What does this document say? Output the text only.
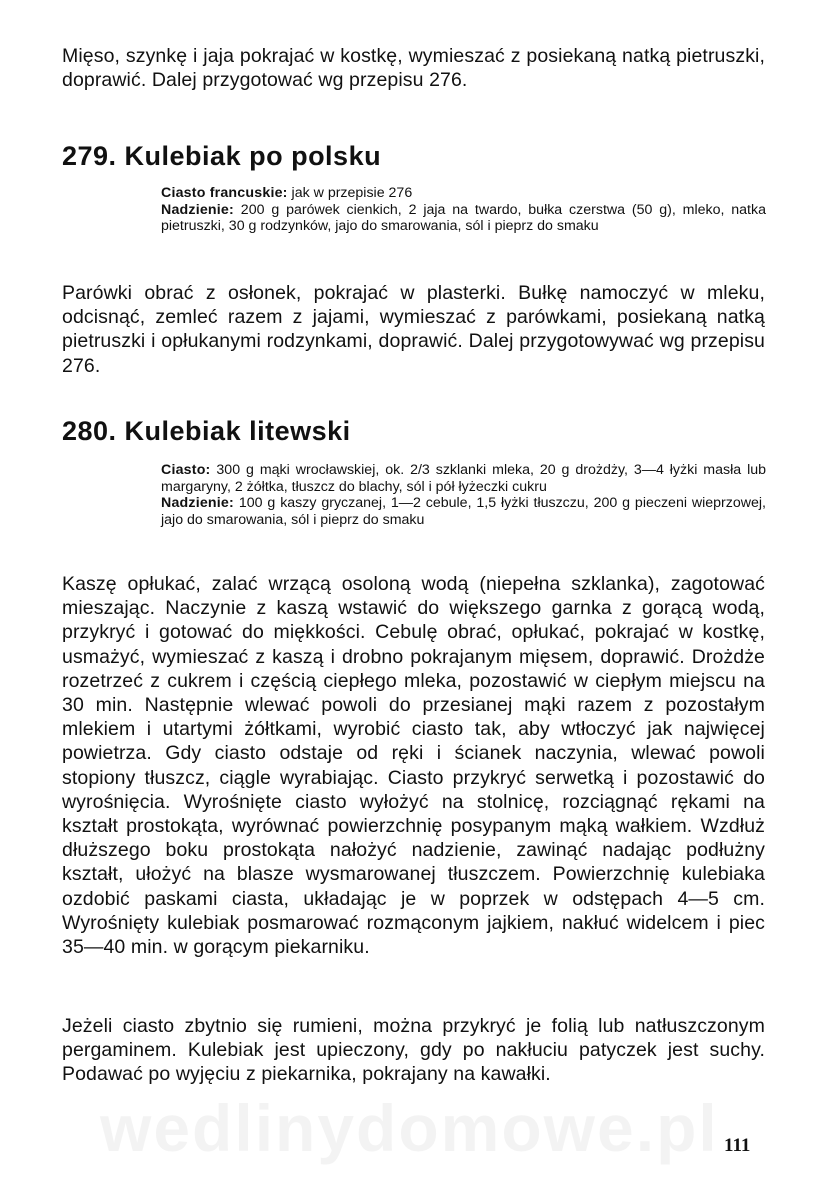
Mięso, szynkę i jaja pokrajać w kostkę, wymieszać z posiekaną natką pietruszki, doprawić. Dalej przygotować wg przepisu 276.

279. Kulebiak po polsku

Ciasto francuskie: jak w przepisie 276

Nadzienie: 200 g parówek cienkich, 2 jaja na twardo, bułka czerstwa (50 g), mleko, natka pietruszki, 30 g rodzynków, jajo do smarowania, sól i pieprz do smaku

Parówki obrać z osłonek, pokrajać w plasterki. Bułkę namoczyć w mleku, odcisnąć, zemleć razem z jajami, wymieszać z parówkami, posiekaną natką pietruszki i opłukanymi rodzynkami, doprawić. Dalej przygotowywać wg przepisu 276.

280. Kulebiak litewski

Ciasto: 300 g mąki wrocławskiej, ok. 2/3 szklanki mleka, 20 g drożdży, 3—4 łyżki masła lub margaryny, 2 żółtka, tłuszcz do blachy, sól i pół łyżeczki cukru

Nadzienie: 100 g kaszy gryczanej, 1—2 cebule, 1,5 łyżki tłuszczu, 200 g pieczeni wieprzowej, jajo do smarowania, sól i pieprz do smaku

Kaszę opłukać, zalać wrzącą osoloną wodą (niepełna szklanka), zagotować mieszając. Naczynie z kaszą wstawić do większego garnka z gorącą wodą, przykryć i gotować do miękkości. Cebulę obrać, opłukać, pokrajać w kostkę, usmażyć, wymieszać z kaszą i drobno pokrajanym mięsem, doprawić. Drożdże rozetrzeć z cukrem i częścią ciepłego mleka, pozostawić w ciepłym miejscu na 30 min. Następnie wlewać powoli do przesianej mąki razem z pozostałym mlekiem i utartymi żółtkami, wyrobić ciasto tak, aby wtłoczyć jak najwięcej powietrza. Gdy ciasto odstaje od ręki i ścianek naczynia, wlewać powoli stopiony tłuszcz, ciągle wyrabiając. Ciasto przykryć serwetką i pozostawić do wyrośnięcia. Wyrośnięte ciasto wyłożyć na stolnicę, rozciągnąć rękami na kształt prostokąta, wyrównać powierzchnię posypanym mąką wałkiem. Wzdłuż dłuższego boku prostokąta nałożyć nadzienie, zawinąć nadając podłużny kształt, ułożyć na blasze wysmarowanej tłuszczem. Powierzchnię kulebiaka ozdobić paskami ciasta, układając je w poprzek w odstępach 4—5 cm. Wyrośnięty kulebiak posmarować rozmąconym jajkiem, nakłuć widelcem i piec 35—40 min. w gorącym piekarniku.

Jeżeli ciasto zbytnio się rumieni, można przykryć je folią lub natłuszczonym pergaminem. Kulebiak jest upieczony, gdy po nakłuciu patyczek jest suchy. Podawać po wyjęciu z piekarnika, pokrajany na kawałki.

111
